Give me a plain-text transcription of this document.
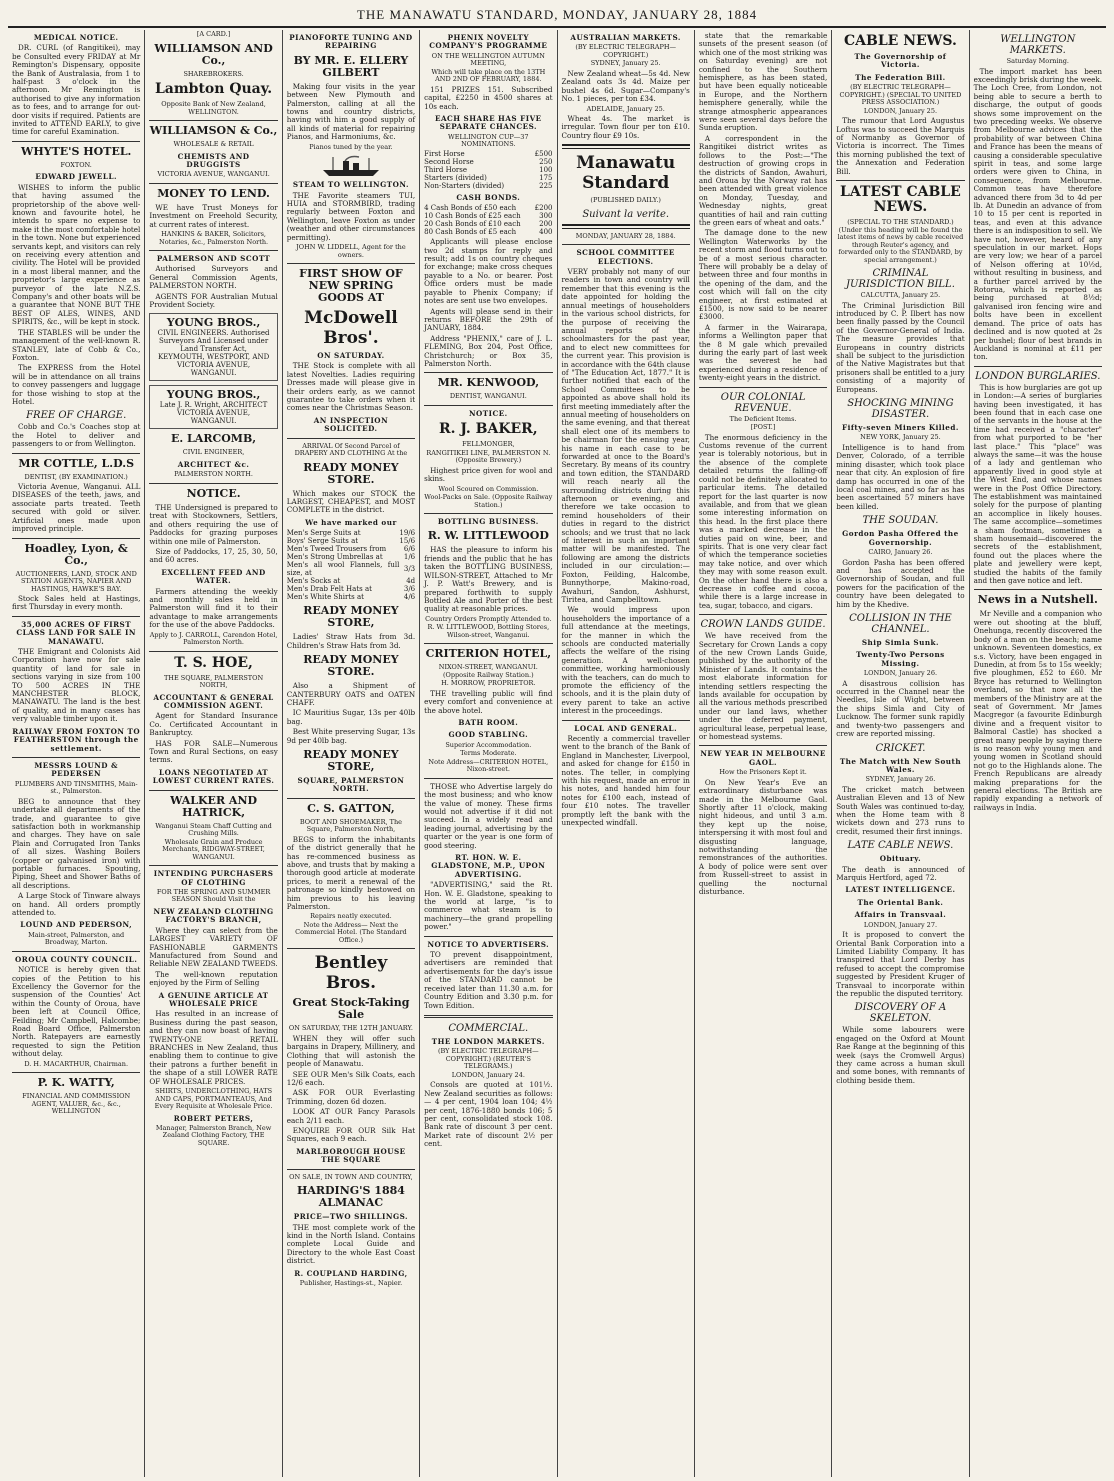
THE MANAWATU STANDARD, MONDAY, JANUARY 28, 1884
MEDICAL NOTICE.
DR. CURL (of Rangitikei), may be Consulted every FRIDAY at Mr Remington's Dispensary, opposite the Bank of Australasia, from 1 to half-past 3 o'clock in the afternoon. Mr Remington is authorised to give any information as to fees, and to arrange for out-door visits if required. Patients are invited to ATTEND EARLY, to give time for careful Examination.
WHYTE'S HOTEL.
FOXTON.
EDWARD JEWELL.
WISHES to inform the public that having assumed the proprietorship of the above well-known and favourite hotel, he intends to spare no expense to make it the most comfortable hotel in the town. None but experienced servants kept, and visitors can rely on receiving every attention and civility. The Hotel will be provided in a most liberal manner, and the proprietor's large experience as purveyor of the late N.Z.S. Company's and other boats will be a guarantee that NONE BUT THE BEST OF ALES, WINES, AND SPIRITS, &c., will be kept in stock.
THE STABLES will be under the management of the well-known R. STANLEY, late of Cobb & Co., Foxton.
The EXPRESS from the Hotel will be in attendance on all trains to convey passengers and luggage for those wishing to stop at the Hotel.
FREE OF CHARGE.
Cobb and Co.'s Coaches stop at the Hotel to deliver and passengers to or from Wellington.
MR COTTLE, L.D.S
DENTIST, (BY EXAMINATION.)
Victoria Avenue, Wanganui. ALL DISEASES of the teeth, jaws, and associate parts treated. Teeth secured with gold or silver. Artificial ones made upon improved principle.
Hoadley, Lyon, & Co.,
AUCTIONEERS, LAND, STOCK AND STATION AGENTS, NAPIER AND HASTINGS, HAWKE'S BAY.
Stock Sales held at Hastings, first Thursday in every month.
35,000 ACRES OF FIRST CLASS LAND FOR SALE IN MANAWATU.
THE Emigrant and Colonists Aid Corporation have now for sale quantity of land for sale in sections varying in size from 100 TO 500 ACRES IN THE MANCHESTER BLOCK, MANAWATU. The land is the best of quality, and in many cases has very valuable timber upon it.
RAILWAY FROM FOXTON TO FEATHERSTON through the settlement.
MESSRS LOUND & PEDERSEN
PLUMBERS AND TINSMITHS, Main-st., Palmerston.
BEG to announce that they undertake all departments of the trade, and guarantee to give satisfaction both in workmanship and charges. They have on sale Plain and Corrugated Iron Tanks of all sizes. Washing Boilers (copper or galvanised iron) with portable furnaces. Spouting, Piping, Sheet and Shower Baths of all descriptions.
A Large Stock of Tinware always on hand. All orders promptly attended to.
LOUND AND PEDERSON,
Main-street, Palmerston, and Broadway, Marton.
OROUA COUNTY COUNCIL.
NOTICE is hereby given that copies of the Petition to his Excellency the Governor for the suspension of the Counties' Act within the County of Oroua, have been left at Council Office, Feilding; Mr Campbell, Halcombe; Road Board Office, Palmerston North. Ratepayers are earnestly requested to sign the Petition without delay.
D. H. MACARTHUR, Chairman.
P. K. WATTY,
FINANCIAL AND COMMISSION AGENT, VALUER, &c., &c., WELLINGTON
[A CARD.]
WILLIAMSON AND Co.,
SHAREBROKERS.
Lambton Quay.
Opposite Bank of New Zealand, WELLINGTON.
WILLIAMSON & Co.,
WHOLESALE & RETAIL
CHEMISTS AND DRUGGISTS
VICTORIA AVENUE, WANGANUI.
MONEY TO LEND.
WE have Trust Moneys for Investment on Freehold Security, at current rates of interest.
HANKINS & BAKER, Solicitors, Notaries, &c., Palmerston North.
PALMERSON AND SCOTT
Authorised Surveyors and General Commission Agents, PALMERSTON NORTH.
AGENTS FOR Australian Mutual Provident Society.
YOUNG BROS.,
CIVIL ENGINEERS. Authorised Surveyors And Licensed under Land Transfer Act,
KEYMOUTH, WESTPORT, AND VICTORIA AVENUE, WANGANUI.
YOUNG BROS.,
Late J. R. Wright, ARCHITECT
VICTORIA AVENUE, WANGANUI.
E. LARCOMB,
CIVIL ENGINEER,
ARCHITECT &c.
PALMERSTON NORTH.
NOTICE.
THE Undersigned is prepared to treat with Stockowners, Settlers, and others requiring the use of Paddocks for grazing purposes within one mile of Palmerston.
Size of Paddocks, 17, 25, 30, 50, and 60 acres.
EXCELLENT FEED AND WATER.
Farmers attending the weekly and monthly sales held in Palmerston will find it to their advantage to make arrangements for the use of the above Paddocks.
Apply to J. CARROLL, Carendon Hotel, Palmerston North.
T. S. HOE,
THE SQUARE, PALMERSTON NORTH,
ACCOUNTANT & GENERAL COMMISSION AGENT.
Agent for Standard Insurance Co. Certificated Accountant in Bankruptcy.
HAS FOR SALE—Numerous Town and Rural Sections, on easy terms.
LOANS NEGOTIATED AT LOWEST CURRENT RATES.
WALKER AND HATRICK,
Wanganui Steam Chaff Cutting and Crushing Mills.
Wholesale Grain and Produce Merchants, RIDGWAY-STREET, WANGANUI.
INTENDING PURCHASERS OF CLOTHING
FOR THE SPRING AND SUMMER SEASON Should Visit the
NEW ZEALAND CLOTHING FACTORY'S BRANCH,
Where they can select from the LARGEST VARIETY OF FASHIONABLE GARMENTS Manufactured from Sound and Reliable NEW ZEALAND TWEEDS.
The well-known reputation enjoyed by the Firm of Selling
A GENUINE ARTICLE AT WHOLESALE PRICE
Has resulted in an increase of Business during the past season, and they can now boast of having TWENTY-ONE RETAIL BRANCHES in New Zealand, thus enabling them to continue to give their patrons a further benefit in the shape of a still LOWER RATE OF WHOLESALE PRICES.
SHIRTS, UNDERCLOTHING, HATS AND CAPS, PORTMANTEAUS, And Every Requisite at Wholesale Price.
ROBERT PETERS,
Manager, Palmerston Branch, New Zealand Clothing Factory, THE SQUARE.
PIANOFORTE TUNING AND REPAIRING
BY MR. E. ELLERY GILBERT
Making four visits in the year between New Plymouth and Palmerston, calling at all the towns and country districts, having with him a good supply of all kinds of material for repairing Pianos, and Harmoniums, &c.
Pianos tuned by the year.
STEAM TO WELLINGTON.
THE Favorite steamers TUI, HUIA and STORMBIRD, trading regularly between Foxton and Wellington, leave Foxton as under (weather and other circumstances permitting).
JOHN W. LIDDELL, Agent for the owners.
FIRST SHOW OF NEW SPRING GOODS AT
McDowell Bros'.
ON SATURDAY.
THE Stock is complete with all latest Novelties. Ladies requiring Dresses made will please give in their orders early, as we cannot guarantee to take orders when it comes near the Christmas Season.
AN INSPECTION SOLICITED.
ARRIVAL Of Second Parcel of DRAPERY AND CLOTHING At the
READY MONEY STORE.
Which makes our STOCK the LARGEST, CHEAPEST, and MOST COMPLETE in the district.
We have marked our
Men's Serge Suits at	19/6
Boys' Serge Suits at	15/6
Men's Tweed Trousers from	6/6
Men's Strong Umbrellas at	1/6
Men's all wool Flannels, full size, at	3/3
Men's Socks at	4d
Men's Drab Felt Hats at	3/6
Men's White Shirts at	4/6
READY MONEY STORE,
Ladies' Straw Hats from 3d. Children's Straw Hats from 3d.
READY MONEY STORE.
Also a Shipment of CANTERBURY OATS and OATEN CHAFF.
IC Mauritius Sugar, 13s per 40lb bag.
Best White preserving Sugar, 13s 9d per 40lb bag.
READY MONEY STORE,
SQUARE, PALMERSTON NORTH.
C. S. GATTON,
BOOT AND SHOEMAKER, The Square, Palmerston North,
BEGS to inform the inhabitants of the district generally that he has re-commenced business as above, and trusts that by making a thorough good article at moderate prices, to merit a renewal of the patronage so kindly bestowed on him previous to his leaving Palmerston.
Repairs neatly executed.
Note the Address— Next the Commercial Hotel. (The Standard Office.)
Bentley Bros.
Great Stock-Taking Sale
ON SATURDAY, THE 12TH JANUARY.
WHEN they will offer such bargains in Drapery, Millinery, and Clothing that will astonish the people of Manawatu.
SEE OUR Men's Silk Coats, each 12/6 each.
ASK FOR OUR Everlasting Trimming, dozen 6d dozen.
LOOK AT OUR Fancy Parasols each 2/11 each.
ENQUIRE FOR OUR Silk Hat Squares, each 9 each.
MARLBOROUGH HOUSE THE SQUARE
ON SALE, IN TOWN AND COUNTRY,
HARDING'S 1884 ALMANAC
PRICE—TWO SHILLINGS.
THE most complete work of the kind in the North Island. Contains complete Local Guide and Directory to the whole East Coast district.
R. COUPLAND HARDING,
Publisher, Hastings-st., Napier.
PHENIX NOVELTY COMPANY'S PROGRAMME
ON THE WELLINGTON AUTUMN MEETING,
Which will take place on the 13TH AND 2ND OF FEBRUARY, 1884.
151 PRIZES 151. Subscribed capital, £2250 in 4500 shares at 10s each.
EACH SHARE HAS FIVE SEPARATE CHANCES.
WELLINGTON CUP—37 NOMINATIONS.
First Horse	£500
Second Horse	250
Third Horse	100
Starters (divided)	175
Non-Starters (divided)	225
CASH BONDS.
4 Cash Bonds of £50 each	£200
10 Cash Bonds of £25 each	300
20 Cash Bonds of £10 each	200
80 Cash Bonds of £5 each	400
Applicants will please enclose two 2d stamps for reply and result; add 1s on country cheques for exchange; make cross cheques payable to a No. or bearer. Post Office orders must be made payable to Phenix Company; if notes are sent use two envelopes.
Agents will please send in their returns BEFORE the 29th of JANUARY, 1884.
Address "PHENIX," care of J. L. FLEMING, Box 204, Post Office, Christchurch; or Box 35, Palmerston North.
MR. KENWOOD,
DENTIST, WANGANUI.
NOTICE.
R. J. BAKER,
FELLMONGER,
RANGITIKEI LINE, PALMERSTON N. (Opposite Brewery.)
Highest price given for wool and skins.
Wool Scoured on Commission.
Wool-Packs on Sale. (Opposite Railway Station.)
BOTTLING BUSINESS.
R. W. LITTLEWOOD
HAS the pleasure to inform his friends and the public that he has taken the BOTTLING BUSINESS, WILSON-STREET, Attached to Mr J. P. Watt's Brewery, and is prepared forthwith to supply Bottled Ale and Porter of the best quality at reasonable prices.
Country Orders Promptly Attended to.
R. W. LITTLEWOOD, Bottling Stores, Wilson-street, Wanganui.
CRITERION HOTEL,
NIXON-STREET, WANGANUI. (Opposite Railway Station.)
H. MORROW, PROPRIETOR.
THE travelling public will find every comfort and convenience at the above hotel.
BATH ROOM.
GOOD STABLING.
Superior Accommodation.
Terms Moderate.
Note Address—CRITERION HOTEL, Nixon-street.
THOSE who Advertise largely do the most business; and who know the value of money. These firms would not advertise if it did not succeed. In a widely read and leading journal, advertising by the quarter or the year is one form of good steering.
RT. HON. W. E. GLADSTONE, M.P., UPON ADVERTISING.
"ADVERTISING," said the Rt. Hon. W. E. Gladstone, speaking to the world at large, "is to commerce what steam is to machinery—the grand propelling power."
NOTICE TO ADVERTISERS.
TO prevent disappointment, advertisers are reminded that advertisements for the day's issue of the STANDARD cannot be received later than 11.30 a.m. for Country Edition and 3.30 p.m. for Town Edition.
COMMERCIAL.
THE LONDON MARKETS.
(BY ELECTRIC TELEGRAPH—COPYRIGHT.) (REUTER'S TELEGRAMS.)
LONDON, January 24.
Consols are quoted at 101½. New Zealand securities as follows:— 4 per cent, 1904 loan 104; 4½ per cent, 1876-1880 bonds 106; 5 per cent, consolidated stock 108. Bank rate of discount 3 per cent. Market rate of discount 2½ per cent.
AUSTRALIAN MARKETS.
(BY ELECTRIC TELEGRAPH—COPYRIGHT.)
SYDNEY, January 25.
New Zealand wheat—5s 4d. New Zealand oats 3s 4d. Maize per bushel 4s 6d. Sugar—Company's No. 1 pieces, per ton £34.
ADELAIDE, January 25.
Wheat 4s. The market is irregular. Town flour per ton £10. Country flour £9 10s.
Manawatu Standard
(PUBLISHED DAILY.)
Suivant la verite.
MONDAY, JANUARY 28, 1884.
SCHOOL COMMITTEE ELECTIONS.
VERY probably not many of our readers in town and country will remember that this evening is the date appointed for holding the annual meetings of householders in the various school districts, for the purpose of receiving the annual reports of the schoolmasters for the past year, and to elect new committees for the current year. This provision is in accordance with the 64th clause of "The Education Act, 1877." It is further notified that each of the School Committees to be appointed as above shall hold its first meeting immediately after the annual meeting of householders on the same evening, and that thereat shall elect one of its members to be chairman for the ensuing year, his name in each case to be forwarded at once to the Board's Secretary. By means of its country and town edition, the STANDARD will reach nearly all the surrounding districts during this afternoon or evening, and therefore we take occasion to remind householders of their duties in regard to the district schools; and we trust that no lack of interest in such an important matter will be manifested. The following are among the districts included in our circulation:—Foxton, Feilding, Halcombe, Bunnythorpe, Makino-road, Awahuri, Sandon, Ashhurst, Tiritea, and Campbelltown.
We would impress upon householders the importance of a full attendance at the meetings, for the manner in which the schools are conducted materially affects the welfare of the rising generation. A well-chosen committee, working harmoniously with the teachers, can do much to promote the efficiency of the schools, and it is the plain duty of every parent to take an active interest in the proceedings.
LOCAL AND GENERAL.
Recently a commercial traveller went to the branch of the Bank of England in Manchester, Liverpool, and asked for change for £150 in notes. The teller, in complying with his request, made an error in his notes, and handed him four notes for £100 each, instead of four £10 notes. The traveller promptly left the bank with the unexpected windfall.
state that the remarkable sunsets of the present season (of which one of the most striking was on Saturday evening) are not confined to the Southern hemisphere, as has been stated, but have been equally noticeable in Europe, and the Northern hemisphere generally, while the strange atmospheric appearances were seen several days before the Sunda eruption.
A correspondent in the Rangitikei district writes as follows to the Post:—"The destruction of growing crops in the districts of Sandon, Awahuri, and Oroua by the Norway rat has been attended with great violence on Monday, Tuesday, and Wednesday nights, great quantities of hail and rain cutting the green ears of wheat and oats."
The damage done to the new Wellington Waterworks by the recent storm and flood turns out to be of a most serious character. There will probably be a delay of between three and four months in the opening of the dam, and the cost which will fall on the city engineer, at first estimated at £1500, is now said to be nearer £3000.
A farmer in the Wairarapa, informs a Wellington paper that the 8 M gale which prevailed during the early part of last week was the severest he had experienced during a residence of twenty-eight years in the district.
OUR COLONIAL REVENUE.
The Deficient Items.
[POST.]
The enormous deficiency in the Customs revenue of the current year is tolerably notorious, but in the absence of the complete detailed returns the falling-off could not be definitely allocated to particular items. The detailed report for the last quarter is now available, and from that we glean some interesting information on this head. In the first place there was a marked decrease in the duties paid on wine, beer, and spirits. That is one very clear fact of which the temperance societies may take notice, and over which they may with some reason exult. On the other hand there is also a decrease in coffee and cocoa, while there is a large increase in tea, sugar, tobacco, and cigars.
CROWN LANDS GUIDE.
We have received from the Secretary for Crown Lands a copy of the new Crown Lands Guide, published by the authority of the Minister of Lands. It contains the most elaborate information for intending settlers respecting the lands available for occupation by all the various methods prescribed under our land laws, whether under the deferred payment, agricultural lease, perpetual lease, or homestead systems.
NEW YEAR IN MELBOURNE GAOL.
How the Prisoners Kept it.
On New Year's Eve an extraordinary disturbance was made in the Melbourne Gaol. Shortly after 11 o'clock, making night hideous, and until 3 a.m. they kept up the noise, interspersing it with most foul and disgusting language, notwithstanding the remonstrances of the authorities. A body of police were sent over from Russell-street to assist in quelling the nocturnal disturbance.
CABLE NEWS.
The Governorship of Victoria.
The Federation Bill.
(BY ELECTRIC TELEGRAPH—COPYRIGHT.) (SPECIAL TO UNITED PRESS ASSOCIATION.)
LONDON, January 25.
The rumour that Lord Augustus Loftus was to succeed the Marquis of Normanby as Governor of Victoria is incorrect. The Times this morning published the text of the Annexation and Federation Bill.
LATEST CABLE NEWS.
(SPECIAL TO THE STANDARD.) (Under this heading will be found the latest items of news by cable received through Reuter's agency, and forwarded only to the STANDARD, by special arrangement.)
CRIMINAL JURISDICTION BILL.
CALCUTTA, January 25.
The Criminal Jurisdiction Bill introduced by C. P. Ilbert has now been finally passed by the Council of the Governor-General of India. The measure provides that Europeans in country districts shall be subject to the jurisdiction of the Native Magistrates but that prisoners shall be entitled to a jury consisting of a majority of Europeans.
SHOCKING MINING DISASTER.
Fifty-seven Miners Killed.
NEW YORK, January 25.
Intelligence is to hand from Denver, Colorado, of a terrible mining disaster, which took place near that city. An explosion of fire damp has occurred in one of the local coal mines, and so far as has been ascertained 57 miners have been killed.
THE SOUDAN.
Gordon Pasha Offered the Governorship.
CAIRO, January 26.
Gordon Pasha has been offered and has accepted the Governorship of Soudan, and full powers for the pacification of the country have been delegated to him by the Khedive.
COLLISION IN THE CHANNEL.
Ship Simla Sunk.
Twenty-Two Persons Missing.
LONDON, January 26.
A disastrous collision has occurred in the Channel near the Needles, Isle of Wight, between the ships Simla and City of Lucknow. The former sunk rapidly and twenty-two passengers and crew are reported missing.
CRICKET.
The Match with New South Wales.
SYDNEY, January 26.
The cricket match between Australian Eleven and 13 of New South Wales was continued to-day, when the Home team with 8 wickets down and 273 runs to credit, resumed their first innings.
LATE CABLE NEWS.
Obituary.
The death is announced of Marquis Hertford, aged 72.
LATEST INTELLIGENCE.
The Oriental Bank.
Affairs in Transvaal.
LONDON, January 27.
It is proposed to convert the Oriental Bank Corporation into a Limited Liability Company. It has transpired that Lord Derby has refused to accept the compromise suggested by President Kruger of Transvaal to incorporate within the republic the disputed territory.
DISCOVERY OF A SKELETON.
While some labourers were engaged on the Oxford at Mount Rae Range at the beginning of this week (says the Cromwell Argus) they came across a human skull and some bones, with remnants of clothing beside them.
WELLINGTON MARKETS.
Saturday Morning.
The import market has been exceedingly brisk during the week. The Loch Cree, from London, not being able to secure a berth to discharge, the output of goods shows some improvement on the two preceding weeks. We observe from Melbourne advices that the probability of war between China and France has been the means of causing a considerable speculative spirit in teas, and some large orders were given to China, in consequence, from Melbourne. Common teas have therefore advanced there from 3d to 4d per lb. At Dunedin an advance of from 10 to 15 per cent is reported in teas, and even at this advance there is an indisposition to sell. We have not, however, heard of any speculation in our market. Hops are very low; we hear of a parcel of Nelson offering at 10½d, without resulting in business, and a further parcel arrived by the Rotorua, which is reported as being purchased at 8½d; galvanised iron fencing wire and bolts have been in excellent demand. The price of oats has declined and is now quoted at 2s per bushel; flour of best brands in Auckland is nominal at £11 per ton.
LONDON BURGLARIES.
This is how burglaries are got up in London:—A series of burglaries having been investigated, it has been found that in each case one of the servants in the house at the time had received a "character" from what purported to be "her last place." This "place" was always the same—it was the house of a lady and gentleman who apparently lived in good style at the West End, and whose names were in the Post Office Directory. The establishment was maintained solely for the purpose of planting an accomplice in likely houses. The same accomplice—sometimes a sham footman, sometimes a sham housemaid—discovered the secrets of the establishment, found out the places where the plate and jewellery were kept, studied the habits of the family and then gave notice and left.
News in a Nutshell.
Mr Neville and a companion who were out shooting at the bluff, Onehunga, recently discovered the body of a man on the beach; name unknown. Seventeen domestics, ex s.s. Victory, have been engaged in Dunedin, at from 5s to 15s weekly; five ploughmen, £52 to £60. Mr Bryce has returned to Wellington overland, so that now all the members of the Ministry are at the seat of Government. Mr James Macgregor (a favourite Edinburgh divine and a frequent visitor to Balmoral Castle) has shocked a great many people by saying there is no reason why young men and young women in Scotland should not go to the Highlands alone. The French Republicans are already making preparations for the general elections. The British are rapidly expanding a network of railways in India.
